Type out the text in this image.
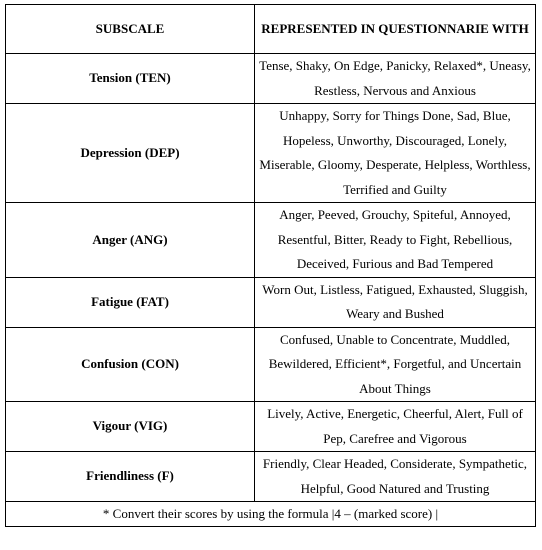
SUBSCALE	REPRESENTED IN QUESTIONNARIE WITH
Tension (TEN)	Tense, Shaky, On Edge, Panicky, Relaxed*, Uneasy, Restless, Nervous and Anxious
Depression (DEP)	Unhappy, Sorry for Things Done, Sad, Blue, Hopeless, Unworthy, Discouraged, Lonely, Miserable, Gloomy, Desperate, Helpless, Worthless, Terrified and Guilty
Anger (ANG)	Anger, Peeved, Grouchy, Spiteful, Annoyed, Resentful, Bitter, Ready to Fight, Rebellious, Deceived, Furious and Bad Tempered
Fatigue (FAT)	Worn Out, Listless, Fatigued, Exhausted, Sluggish, Weary and Bushed
Confusion (CON)	Confused, Unable to Concentrate, Muddled, Bewildered, Efficient*, Forgetful, and Uncertain About Things
Vigour (VIG)	Lively, Active, Energetic, Cheerful, Alert, Full of Pep, Carefree and Vigorous
Friendliness (F)	Friendly, Clear Headed, Considerate, Sympathetic, Helpful, Good Natured and Trusting
* Convert their scores by using the formula |4 – (marked score) |	
